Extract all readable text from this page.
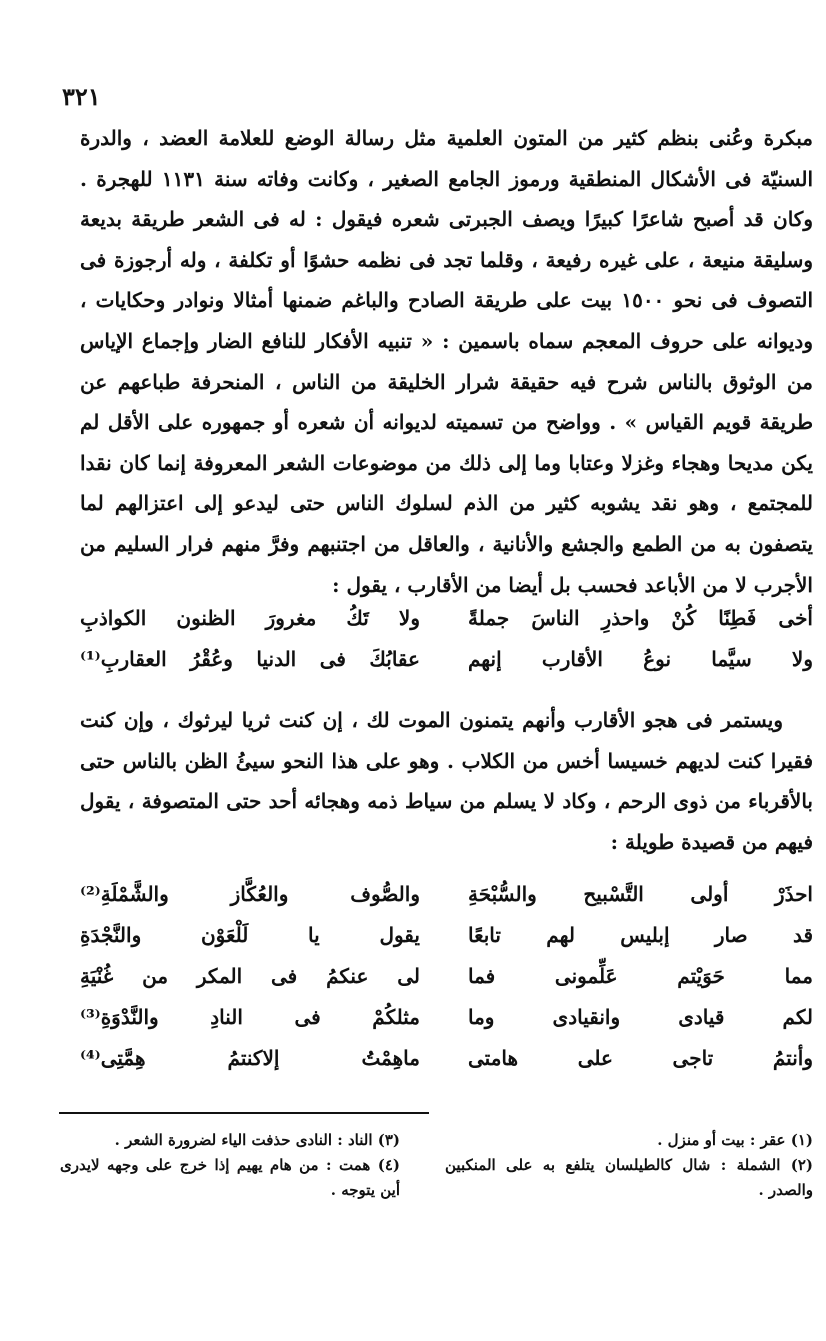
٣٢١

مبكرة وعُنى بنظم كثير من المتون العلمية مثل رسالة الوضع للعلامة العضد ، والدرة السنيّة فى الأشكال المنطقية ورموز الجامع الصغير ، وكانت وفاته سنة ١١٣١ للهجرة . وكان قد أصبح شاعرًا كبيرًا ويصف الجبرتى شعره فيقول : له فى الشعر طريقة بديعة وسليقة منيعة ، على غيره رفيعة ، وقلما تجد فى نظمه حشوًا أو تكلفة ، وله أرجوزة فى التصوف فى نحو ١٥٠٠ بيت على طريقة الصادح والباغم ضمنها أمثالا ونوادر وحكايات ، وديوانه على حروف المعجم سماه باسمين : « تنبيه الأفكار للنافع الضار وإجماع الإياس من الوثوق بالناس شرح فيه حقيقة شرار الخليقة من الناس ، المنحرفة طباعهم عن طريقة قويم القياس » . وواضح من تسميته لديوانه أن شعره أو جمهوره على الأقل لم يكن مديحا وهجاء وغزلا وعتابا وما إلى ذلك من موضوعات الشعر المعروفة إنما كان نقدا للمجتمع ، وهو نقد يشوبه كثير من الذم لسلوك الناس حتى ليدعو إلى اعتزالهم لما يتصفون به من الطمع والجشع والأنانية ، والعاقل من اجتنبهم وفرَّ منهم فرار السليم من الأجرب لا من الأباعد فحسب بل أيضا من الأقارب ، يقول :

أخى فَطِنًا كُنْ واحذرِ الناسَ جملةً
ولا تَكُ مغرورَ الظنون الكواذبِ
ولا سيَّما نوعُ الأقارب إنهم
عقابُكَ فى الدنيا وعُقْرُ العقاربِ⁽¹⁾

ويستمر فى هجو الأقارب وأنهم يتمنون الموت لك ، إن كنت ثريا ليرثوك ، وإن كنت فقيرا كنت لديهم خسيسا أخس من الكلاب . وهو على هذا النحو سيئُ الظن بالناس حتى بالأقرباء من ذوى الرحم ، وكاد لا يسلم من سياط ذمه وهجائه أحد حتى المتصوفة ، يقول فيهم من قصيدة طويلة :

احذَرْ أولى التَّسْبيح والسُّبْحَةِ
والصُّوف والعُكَّاز والشَّمْلَةِ⁽²⁾
قد صار إبليس لهم تابعًا
يقول يا لَلْعَوْن والنَّجْدَةِ
مما حَوَيْتم عَلِّمونى فما
لى عنكمُ فى المكر من غُنْيَةِ
لكم قيادى وانقيادى وما
مثلكُمْ فى النادِ والنَّدْوَةِ⁽³⁾
وأنتمُ تاجى على هامتى
ماهِمْتُ إلاكنتمُ هِمَّتِى⁽⁴⁾

(١) عقر : بيت أو منزل .

(٢) الشملة : شال كالطيلسان يتلفع به على المنكبين والصدر .

(٣) الناد : النادى حذفت الياء لضرورة الشعر .

(٤) همت : من هام يهيم إذا خرج على وجهه لايدرى أين يتوجه .
